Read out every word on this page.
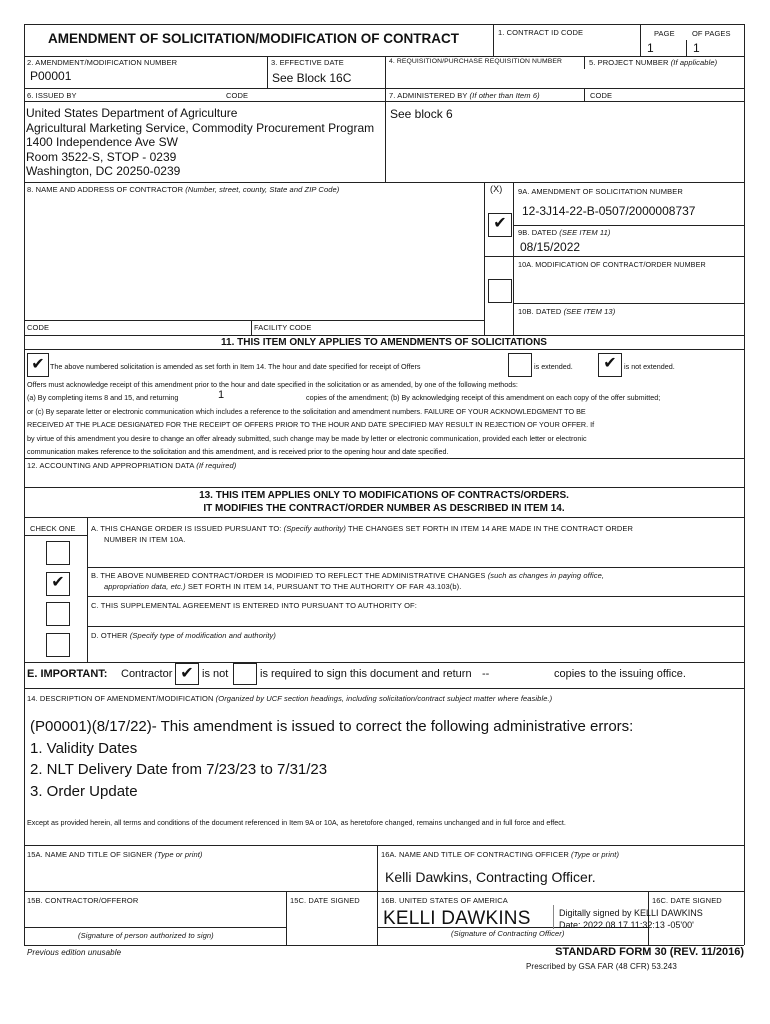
AMENDMENT OF SOLICITATION/MODIFICATION OF CONTRACT	1. CONTRACT ID CODE	PAGE OF PAGES
1	1
2. AMENDMENT/MODIFICATION NUMBER
P00001
3. EFFECTIVE DATE
See Block 16C
4. REQUISITION/PURCHASE REQUISITION NUMBER	5. PROJECT NUMBER (If applicable)
6. ISSUED BY	CODE	7. ADMINISTERED BY (If other than Item 6)	CODE
United States Department of Agriculture
Agricultural Marketing Service, Commodity Procurement Program
1400 Independence Ave SW
Room 3522-S, STOP - 0239
Washington, DC 20250-0239
See block 6
8. NAME AND ADDRESS OF CONTRACTOR (Number, street, county, State and ZIP Code)	(X) 9A. AMENDMENT OF SOLICITATION NUMBER
12-3J14-22-B-0507/2000008737
✔
9B. DATED (SEE ITEM 11)
08/15/2022
10A. MODIFICATION OF CONTRACT/ORDER NUMBER
10B. DATED (SEE ITEM 13)
CODE	FACILITY CODE
11. THIS ITEM ONLY APPLIES TO AMENDMENTS OF SOLICITATIONS
✔ The above numbered solicitation is amended as set forth in Item 14. The hour and date specified for receipt of Offers	is extended.	✔	is not extended.
Offers must acknowledge receipt of this amendment prior to the hour and date specified in the solicitation or as amended, by one of the following methods:
(a) By completing items 8 and 15, and returning	1	copies of the amendment; (b) By acknowledging receipt of this amendment on each copy of the offer submitted;
or (c) By separate letter or electronic communication which includes a reference to the solicitation and amendment numbers. FAILURE OF YOUR ACKNOWLEDGMENT TO BE
RECEIVED AT THE PLACE DESIGNATED FOR THE RECEIPT OF OFFERS PRIOR TO THE HOUR AND DATE SPECIFIED MAY RESULT IN REJECTION OF YOUR OFFER. If
by virtue of this amendment you desire to change an offer already submitted, such change may be made by letter or electronic communication, provided each letter or electronic
communication makes reference to the solicitation and this amendment, and is received prior to the opening hour and date specified.
12. ACCOUNTING AND APPROPRIATION DATA (If required)
13. THIS ITEM APPLIES ONLY TO MODIFICATIONS OF CONTRACTS/ORDERS.
IT MODIFIES THE CONTRACT/ORDER NUMBER AS DESCRIBED IN ITEM 14.
CHECK ONE A. THIS CHANGE ORDER IS ISSUED PURSUANT TO: (Specify authority) THE CHANGES SET FORTH IN ITEM 14 ARE MADE IN THE CONTRACT ORDER
NUMBER IN ITEM 10A.
B. THE ABOVE NUMBERED CONTRACT/ORDER IS MODIFIED TO REFLECT THE ADMINISTRATIVE CHANGES (such as changes in paying office,
appropriation data, etc.) SET FORTH IN ITEM 14, PURSUANT TO THE AUTHORITY OF FAR 43.103(b).
✔
C. THIS SUPPLEMENTAL AGREEMENT IS ENTERED INTO PURSUANT TO AUTHORITY OF:
D. OTHER (Specify type of modification and authority)
E. IMPORTANT: Contractor ✔ is not	is required to sign this document and return --	copies to the issuing office.
14. DESCRIPTION OF AMENDMENT/MODIFICATION (Organized by UCF section headings, including solicitation/contract subject matter where feasible.)
(P00001)(8/17/22)- This amendment is issued to correct the following administrative errors:
1. Validity Dates
2. NLT Delivery Date from 7/23/23 to 7/31/23
3. Order Update
Except as provided herein, all terms and conditions of the document referenced in Item 9A or 10A, as heretofore changed, remains unchanged and in full force and effect.
15A. NAME AND TITLE OF SIGNER (Type or print)	16A. NAME AND TITLE OF CONTRACTING OFFICER (Type or print)
Kelli Dawkins, Contracting Officer.
15B. CONTRACTOR/OFFEROR	15C. DATE SIGNED	16B. UNITED STATES OF AMERICA	16C. DATE SIGNED
KELLI DAWKINS	Digitally signed by KELLI DAWKINS
Date: 2022.08.17 11:32:13 -05'00'
(Signature of person authorized to sign)	(Signature of Contracting Officer)
Previous edition unusable	STANDARD FORM 30 (REV. 11/2016)
Prescribed by GSA FAR (48 CFR) 53.243
